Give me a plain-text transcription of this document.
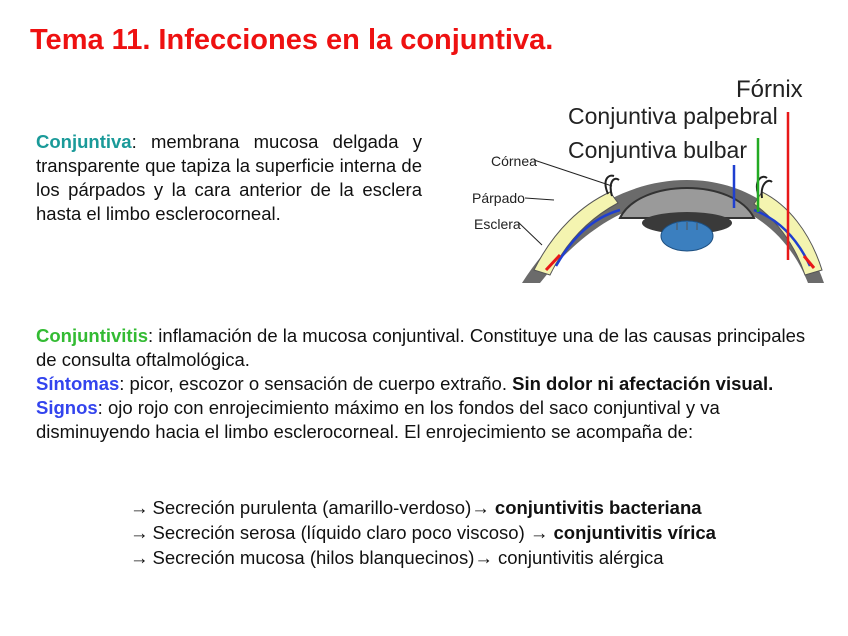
Tema 11. Infecciones en la conjuntiva.

Conjuntiva: membrana mucosa delgada y transparente que tapiza la superficie interna de los párpados y la cara anterior de la esclera hasta el limbo esclerocorneal.

Fórnix
Conjuntiva palpebral
Conjuntiva bulbar
Córnea
Párpado
Esclera

Conjuntivitis: inflamación de la mucosa conjuntival. Constituye una de las causas principales de consulta oftalmológica.

Síntomas: picor, escozor o sensación de cuerpo extraño. Sin dolor ni afectación visual.

Signos: ojo rojo con enrojecimiento máximo en los fondos del saco conjuntival y va disminuyendo hacia el limbo esclerocorneal. El enrojecimiento se acompaña de:

→ Secreción purulenta (amarillo-verdoso)→ conjuntivitis bacteriana
→ Secreción serosa (líquido claro poco viscoso) → conjuntivitis vírica
→ Secreción mucosa (hilos blanquecinos)→ conjuntivitis alérgica
